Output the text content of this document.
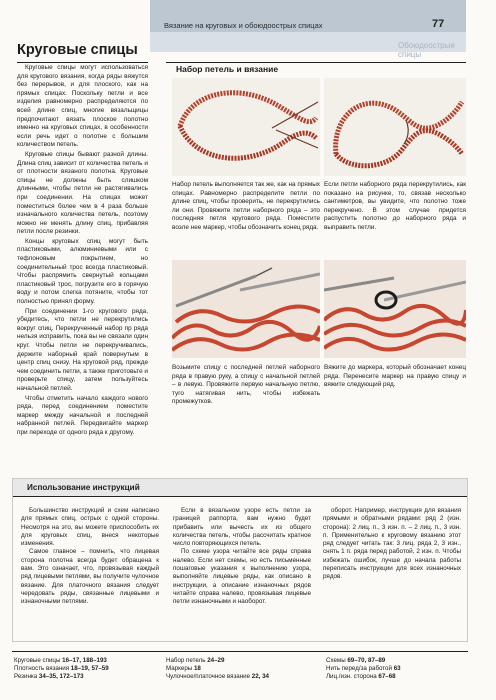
Вязание на круговых и обоюдоострых спицах	77
Обоюдоострые спицы
Круговые спицы

Круговые спицы могут использоваться для кругового вязания, когда ряды вяжутся без перерывов, и для плоского, как на прямых спицах. Поскольку петли и все изделия равномерно распределяются по всей длине спиц, многие вязальщицы предпочитают вязать плоское полотно именно на круговых спицах, в особенности если речь идет о полотне с большим количеством петель.

Круговые спицы бывают разной длины. Длина спиц зависит от количества петель и от плотности вязаного полотна. Круговые спицы не должны быть слишком длинными, чтобы петли не растягивались при соединении. На спицах может поместиться более чем в 4 раза больше изначального количества петель, поэтому можно не менять длину спиц, прибавляя петли после резинки.

Концы круговых спиц могут быть пластиковыми, алюминиевыми или с тефлоновым покрытием, но соединительный трос всегда пластиковый. Чтобы распрямить свернутый кольцами пластиковый трос, погрузите его в горячую воду и потом слегка потяните, чтобы тот полностью принял форму.

При соединении 1-го кругового ряда, убедитесь, что петли не перекрутились вокруг спиц. Перекрученный набор пр ряда нельзя исправить, пока вы не связали один круг. Чтобы петли не перекручивались, держите наборный край повернутым в центр спиц снизу. На круговой ряд, прежде чем соединить петли, а также приготовьте и проверьте спицу, затем пользуйтесь начальной петлей.

Чтобы отметить начало каждого нового ряда, перед соединением поместите маркер между начальной и последней набранной петлей. Передвигайте маркер при переходе от одного ряда к другому.

Набор петель и вязание
Набор петель выполняется так же, как на прямых спицах. Равномерно распределите петли по длине спиц, чтобы проверить, не перекрутились ли они. Провяжите петли наборного ряда – это последняя петля кругового ряда. Поместите возле нее маркер, чтобы обозначить конец ряда.
Если петли наборного ряда перекрутились, как показано на рисунке, то, связав несколько сантиметров, вы увидите, что полотно тоже перекручено. В этом случае придется распустить полотно до наборного ряда и выправить петли.
Возьмите спицу с последней петлей наборного ряда в правую руку, а спицу с начальной петлей – в левую. Провяжите первую начальную петлю, туго натягивая нить, чтобы избежать промежутков.
Вяжите до маркера, который обозначает конец ряда. Перенесите маркер на правую спицу и вяжите следующий ряд.
Использование инструкций

Большинство инструкций и схем написано для прямых спиц, острых с одной стороны. Несмотря на это, вы можете приспособить их для круговых спиц, внеся некоторые изменения.

Самое главное – помнить, что лицевая сторона полотна всегда будет обращена к вам. Это означает, что, провязывая каждый ряд лицевыми петлями, вы получите чулочное вязание. Для платочного вязания следует чередовать ряды, связанные лицевыми и изнаночными петлями.

Если в вязальном узоре есть петли за границей раппорта, вам нужно будет прибавить или вычесть их из общего количества петель, чтобы рассчитать кратное число повторяющихся петель.

По схеме узора читайте все ряды справа налево. Если нет схемы, но есть письменные пошаговые указания к выполнению узора, выполняйте лицевые ряды, как описано в инструкции, а описание изнаночных рядов читайте справа налево, провязывая лицевые петли изнаночными и наоборот.

оборот. Например, инструкция для вязания прямыми и обратными рядами: ряд 2 (изн. сторона): 2 лиц. п., 3 изн. п. – 2 лиц. п., 3 изн. п. Применительно к круговому вязанию этот ряд следует читать так: 3 лиц. ряда 2, 3 изн., снять 1 п. ряда перед работой, 2 изн. п. Чтобы избежать ошибок, лучше до начала работы переписать инструкции для всех изнаночных рядов.

Круговые спицы 16–17, 188–193
Плотность вязания 18–19, 57–59
Резинка 34–35, 172–173
Набор петель 24–29
Маркеры 18
Чулочное/платочное вязание 22, 34
Схемы 69–70, 87–89
Нить перед/за работой 63
Лиц./изн. сторона 67–68
